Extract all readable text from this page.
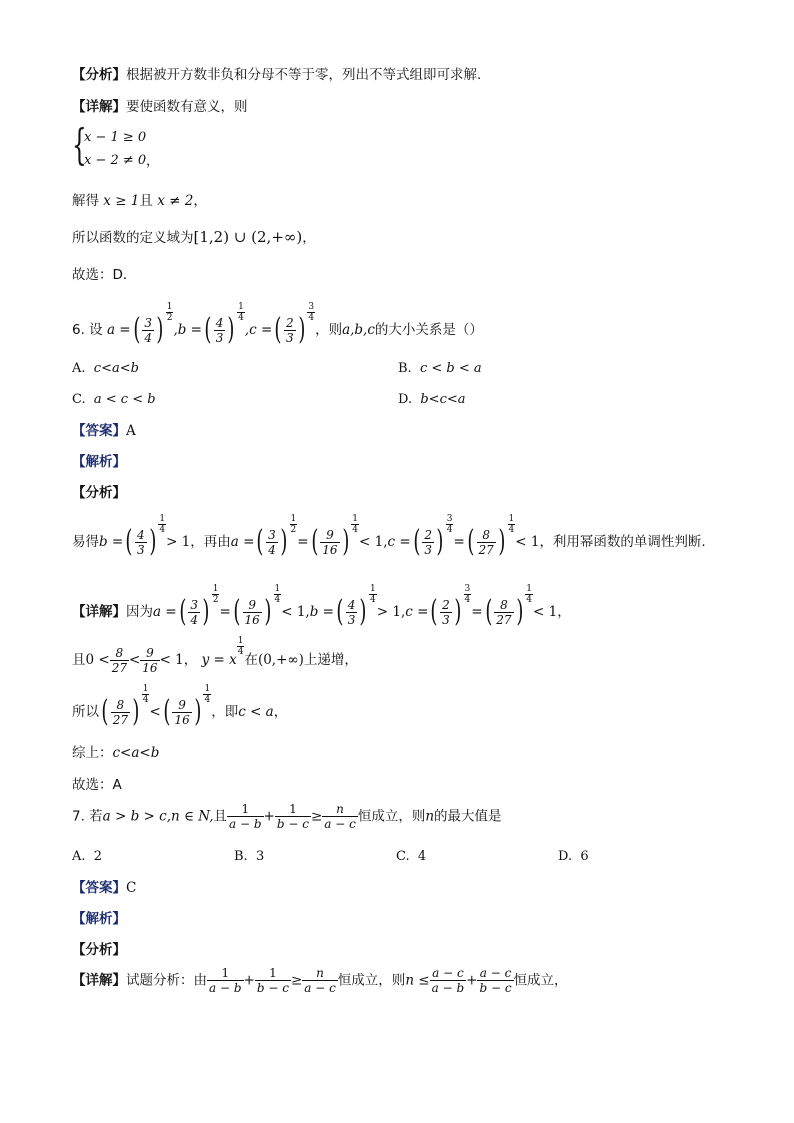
【分析】根据被开方数非负和分母不等于零，列出不等式组即可求解.
【详解】要使函数有意义，则
{
x − 1 ≥ 0
x − 2 ≠ 0 ，
解得 x ≥ 1且 x ≠ 2，
所以函数的定义域为[1,2) ∪ (2,+∞)，
故选：D．
6. 设 a =( $\frac{3}{4}$ ) $\frac{1}{2}$
,b =( $\frac{4}{3}$ ) $\frac{1}{4}$
,c =( $\frac{2}{3}$ ) $\frac{3}{4}$
，则a,b,c的大小关系是（）
A. c<a<b	B. c < b < a
C. a < c < b	D. b<c<a
【答案】A
【解析】
【分析】
易得b =( $\frac{4}{3}$ ) $\frac{1}{4}$
> 1，再由a =( $\frac{3}{4}$ ) $\frac{1}{2}$
=( $\frac{9}{16}$ ) $\frac{1}{4}$
< 1,c =( $\frac{2}{3}$ ) $\frac{3}{4}$
=( $\frac{8}{27}$ ) $\frac{1}{4}$
< 1，利用幂函数的单调性判断.
【详解】因为a =( $\frac{3}{4}$ ) $\frac{1}{2}$
=( $\frac{9}{16}$ ) $\frac{1}{4}$
< 1,b =( $\frac{4}{3}$ ) $\frac{1}{4}$
> 1,c =( $\frac{2}{3}$ ) $\frac{3}{4}$
=( $\frac{8}{27}$ ) $\frac{1}{4}$
< 1，
且$0 < \frac{8}{27} < \frac{9}{16} < 1$， y = x
$\frac{1}{4}$
在(0,+∞)上递增，
所以( $\frac{8}{27}$ ) $\frac{1}{4}$
<( $\frac{9}{16}$ ) $\frac{1}{4}$
，即c < a，
综上：c<a<b
故选：A
7. 若a > b > c,n ∈ N,且 $\frac{1}{a - b} + \frac{1}{b - c} \ge \frac{n}{a - c}$ 恒成立，则n的最大值是
A. 2	B. 3	C. 4	D. 6
【答案】C
【解析】
【分析】
【详解】试题分析：由 $\frac{1}{a - b} + \frac{1}{b - c} \ge \frac{n}{a - c}$ 恒成立，则$n \le \frac{a - c}{a - b} + \frac{a - c}{b - c}$ 恒成立，
